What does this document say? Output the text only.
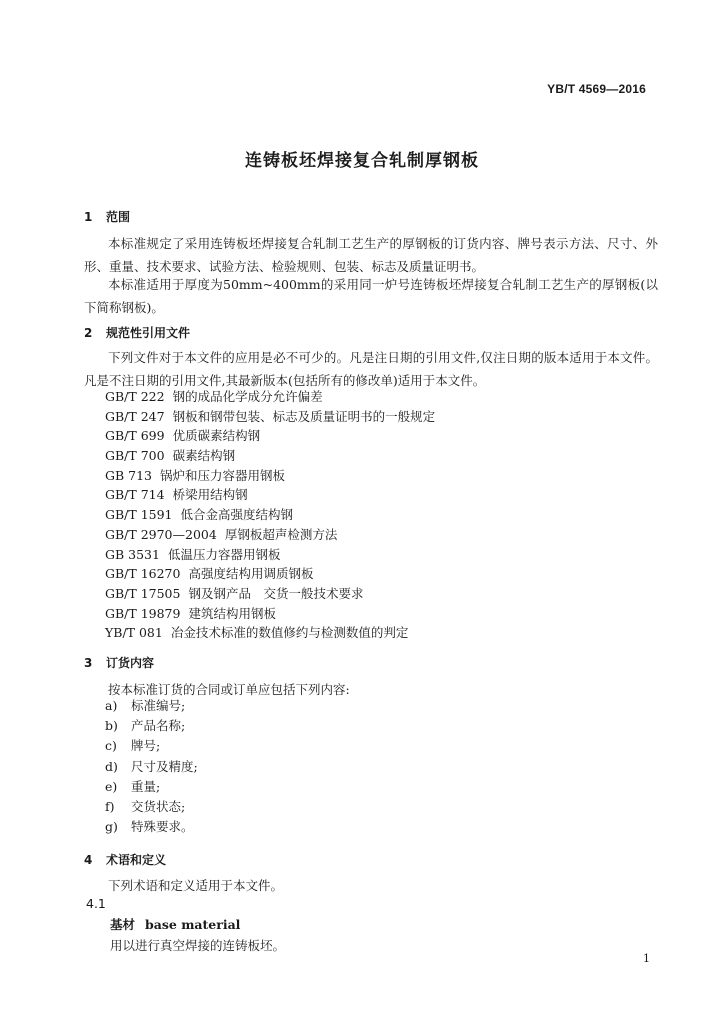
YB/T 4569—2016
连铸板坯焊接复合轧制厚钢板
1 范围

本标准规定了采用连铸板坯焊接复合轧制工艺生产的厚钢板的订货内容、牌号表示方法、尺寸、外形、重量、技术要求、试验方法、检验规则、包装、标志及质量证明书。

本标准适用于厚度为50mm~400mm的采用同一炉号连铸板坯焊接复合轧制工艺生产的厚钢板(以下简称钢板)。

2 规范性引用文件

下列文件对于本文件的应用是必不可少的。凡是注日期的引用文件,仅注日期的版本适用于本文件。凡是不注日期的引用文件,其最新版本(包括所有的修改单)适用于本文件。

GB/T 222 钢的成品化学成分允许偏差
GB/T 247 钢板和钢带包装、标志及质量证明书的一般规定
GB/T 699 优质碳素结构钢
GB/T 700 碳素结构钢
GB 713 锅炉和压力容器用钢板
GB/T 714 桥梁用结构钢
GB/T 1591 低合金高强度结构钢
GB/T 2970—2004 厚钢板超声检测方法
GB 3531 低温压力容器用钢板
GB/T 16270 高强度结构用调质钢板
GB/T 17505 钢及钢产品　交货一般技术要求
GB/T 19879 建筑结构用钢板
YB/T 081 冶金技术标准的数值修约与检测数值的判定
3 订货内容
按本标准订货的合同或订单应包括下列内容:
a) 标准编号;
b) 产品名称;
c) 牌号;
d) 尺寸及精度;
e) 重量;
f) 交货状态;
g) 特殊要求。
4 术语和定义
下列术语和定义适用于本文件。
4.1
基材 base material
用以进行真空焊接的连铸板坯。
1
